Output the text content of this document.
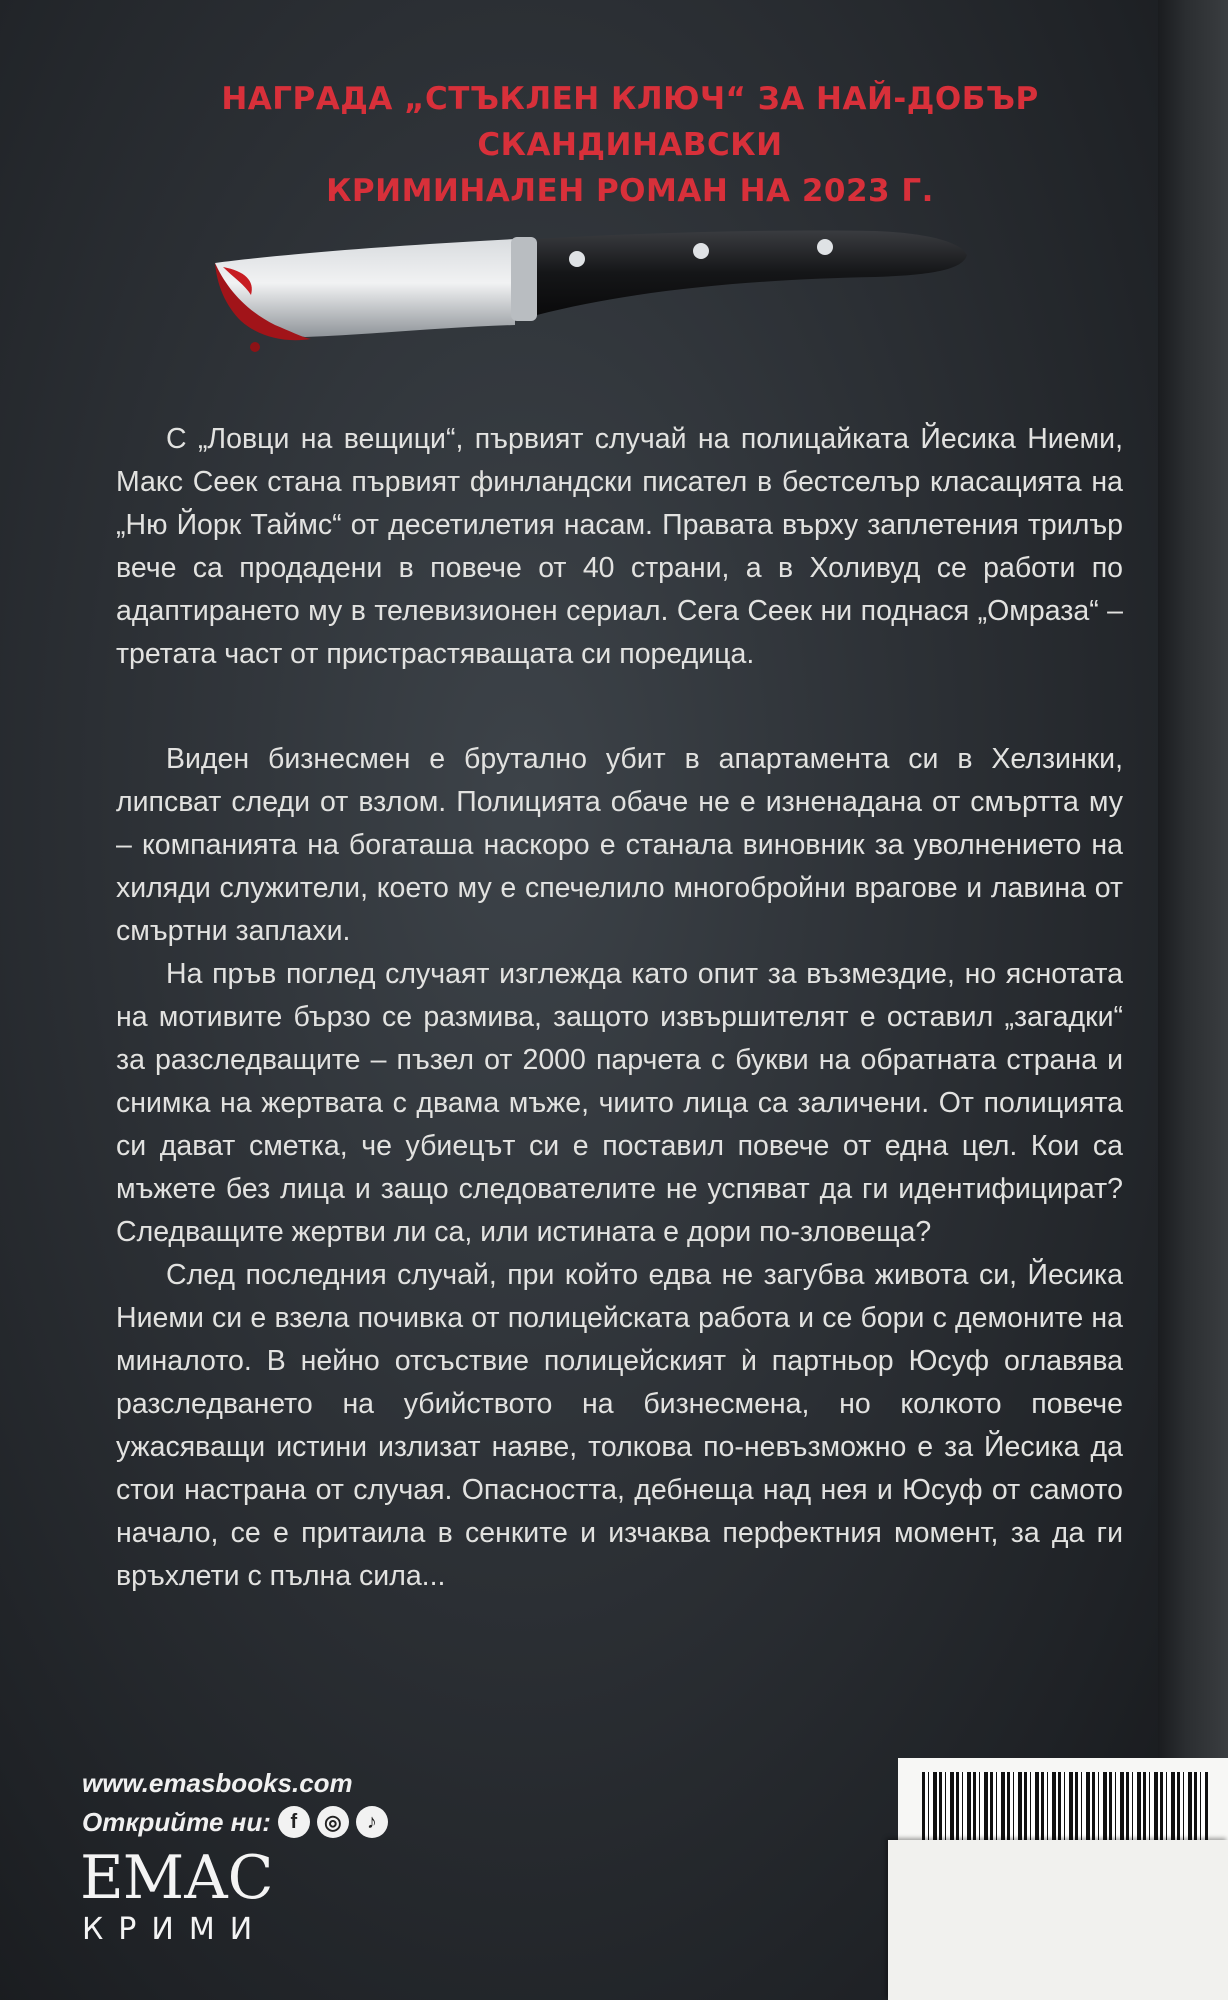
НАГРАДА „СТЪКЛЕН КЛЮЧ“ ЗА НАЙ-ДОБЪР СКАНДИНАВСКИ
КРИМИНАЛЕН РОМАН НА 2023 Г.

С „Ловци на вещици“, първият случай на полицайката Йесика Ниеми, Макс Сеек стана първият финландски писател в бестселър класацията на „Ню Йорк Таймс“ от десетилетия насам. Правата върху заплетения трилър вече са продадени в повече от 40 страни, а в Холивуд се работи по адаптирането му в телевизионен сериал. Сега Сеек ни поднася „Омраза“ – третата част от пристрастяващата си поредица.

Виден бизнесмен е брутално убит в апартамента си в Хелзинки, липсват следи от взлом. Полицията обаче не е изненадана от смъртта му – компанията на богаташа наскоро е станала виновник за уволнението на хиляди служители, което му е спечелило многобройни врагове и лавина от смъртни заплахи.

На пръв поглед случаят изглежда като опит за възмездие, но яснотата на мотивите бързо се размива, защото извършителят е оставил „загадки“ за разследващите – пъзел от 2000 парчета с букви на обратната страна и снимка на жертвата с двама мъже, чиито лица са заличени. От полицията си дават сметка, че убиецът си е поставил повече от една цел. Кои са мъжете без лица и защо следователите не успяват да ги идентифицират? Следващите жертви ли са, или истината е дори по-зловеща?

След последния случай, при който едва не загубва живота си, Йесика Ниеми си е взела почивка от полицейската работа и се бори с демоните на миналото. В нейно отсъствие полицейският ѝ партньор Юсуф оглавява разследването на убийството на бизнесмена, но колкото повече ужасяващи истини излизат наяве, толкова по-невъзможно е за Йесика да стои настрана от случая. Опасността, дебнеща над нея и Юсуф от самото начало, се е притаила в сенките и изчаква перфектния момент, за да ги връхлети с пълна сила...

www.emasbooks.com
Открийте ни: f	◎	♪
ЕМАС
КРИМИ
